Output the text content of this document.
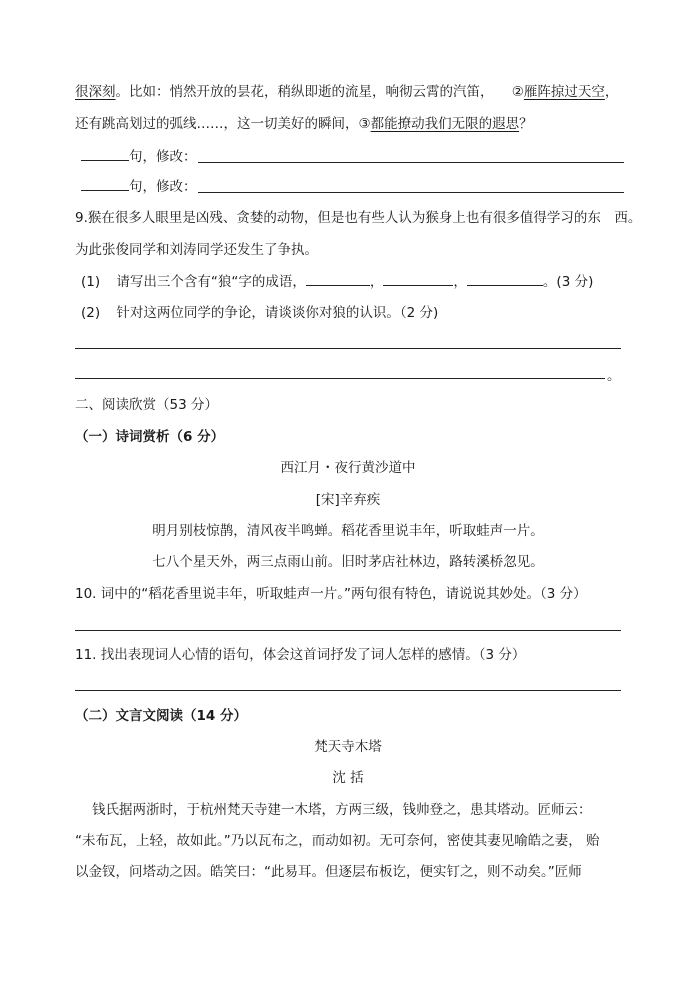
很深刻。比如：悄然开放的昙花，稍纵即逝的流星，响彻云霄的汽笛， ②雁阵掠过天空，
还有跳高划过的弧线……，这一切美好的瞬间，③都能撩动我们无限的遐思？
句，修改：
句，修改：
9.猴在很多人眼里是凶残、贪婪的动物，但是也有些人认为猴身上也有很多值得学习的东　西。
为此张俊同学和刘涛同学还发生了争执。
(1) 请写出三个含有“狼“字的成语，	，	，	。(3 分)
(2) 针对这两位同学的争论，请谈谈你对狼的认识。（2 分)
。
二、阅读欣赏（53 分）
（一）诗词赏析（6 分）
西江月・夜行黄沙道中
[宋]辛弃疾
明月别枝惊鹊，清风夜半鸣蝉。稻花香里说丰年，听取蛙声一片。
七八个星天外，两三点雨山前。旧时茅店社林边，路转溪桥忽见。
10. 词中的“稻花香里说丰年，听取蛙声一片。”两句很有特色，请说说其妙处。（3 分）
11. 找出表现词人心情的语句，体会这首词抒发了词人怎样的感情。（3 分）
（二）文言文阅读（14 分）
梵天寺木塔
沈 括
钱氏据两浙时，于杭州梵天寺建一木塔，方两三级，钱帅登之，患其塔动。匠师云：
“未布瓦，上轻，故如此。”乃以瓦布之，而动如初。无可奈何，密使其妻见喻皓之妻， 贻
以金钗，问塔动之因。皓笑曰：“此易耳。但逐层布板讫，便实钉之，则不动矣。”匠师
